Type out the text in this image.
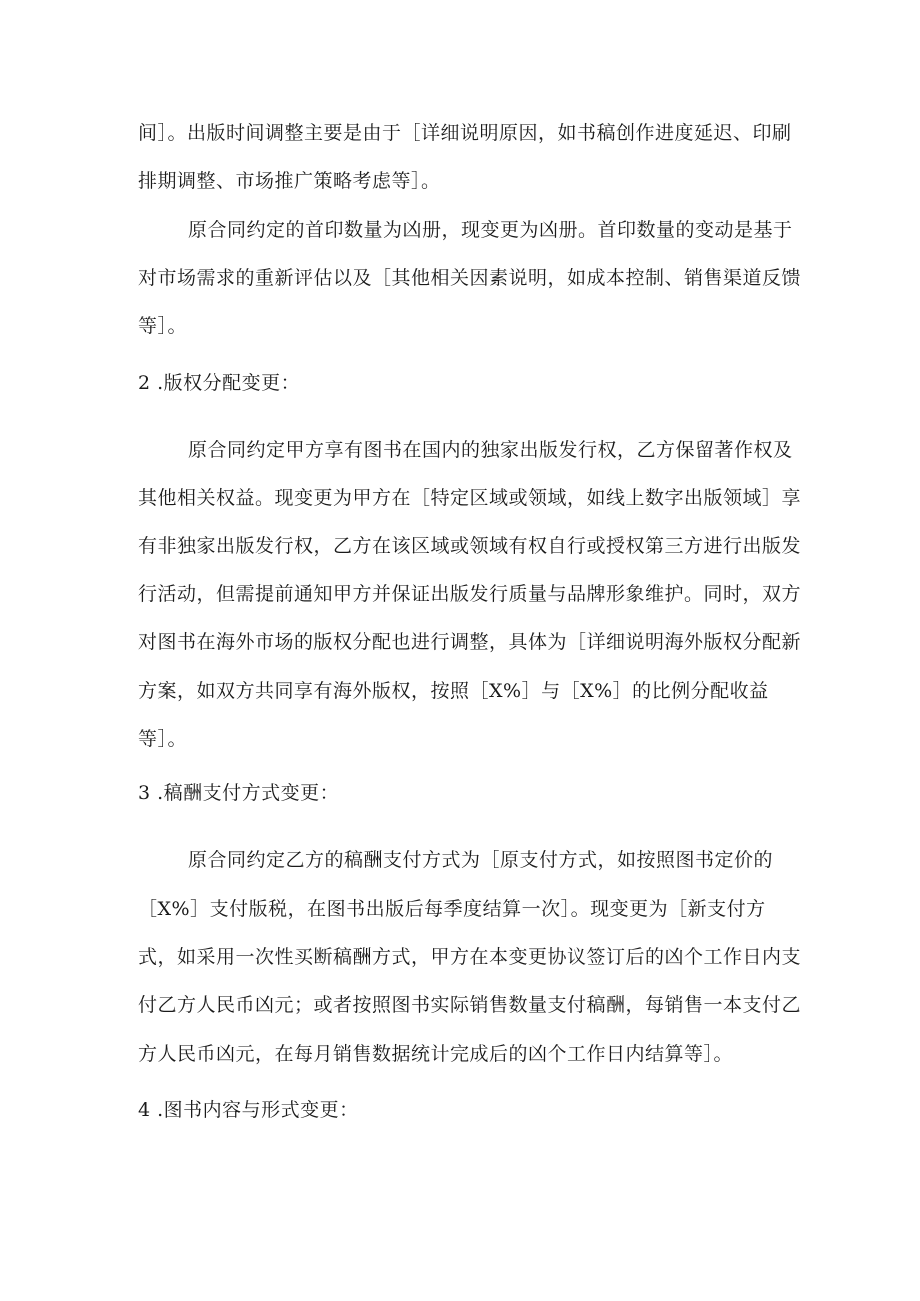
间］。出版时间调整主要是由于［详细说明原因，如书稿创作进度延迟、印刷
排期调整、市场推广策略考虑等］。
原合同约定的首印数量为凶册，现变更为凶册。首印数量的变动是基于
对市场需求的重新评估以及［其他相关因素说明，如成本控制、销售渠道反馈
等］。
2 .版权分配变更：
原合同约定甲方享有图书在国内的独家出版发行权，乙方保留著作权及
其他相关权益。现变更为甲方在［特定区域或领域，如线上数字出版领域］享
有非独家出版发行权，乙方在该区域或领域有权自行或授权第三方进行出版发
行活动，但需提前通知甲方并保证出版发行质量与品牌形象维护。同时，双方
对图书在海外市场的版权分配也进行调整，具体为［详细说明海外版权分配新
方案，如双方共同享有海外版权，按照［X%］与［X%］的比例分配收益
等］。
3 .稿酬支付方式变更：
原合同约定乙方的稿酬支付方式为［原支付方式，如按照图书定价的
［X%］支付版税，在图书出版后每季度结算一次］。现变更为［新支付方
式，如采用一次性买断稿酬方式，甲方在本变更协议签订后的凶个工作日内支
付乙方人民币凶元；或者按照图书实际销售数量支付稿酬，每销售一本支付乙
方人民币凶元，在每月销售数据统计完成后的凶个工作日内结算等］。
4 .图书内容与形式变更：
